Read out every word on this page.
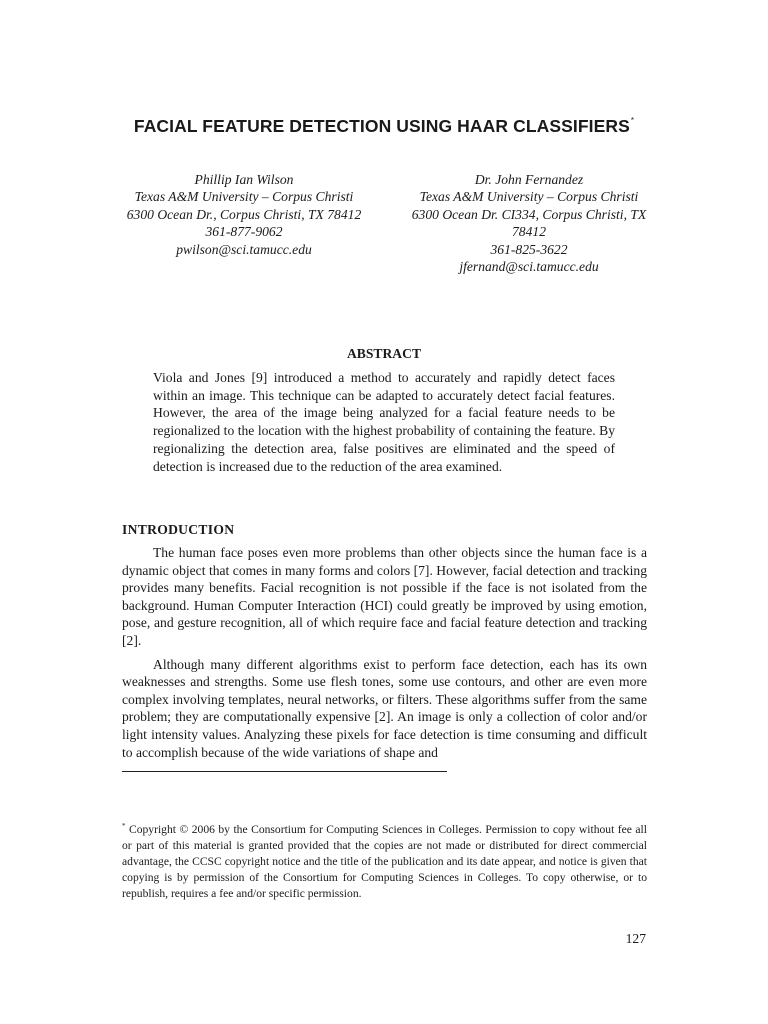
FACIAL FEATURE DETECTION USING HAAR CLASSIFIERS*
Phillip Ian Wilson
Texas A&M University – Corpus Christi
6300 Ocean Dr., Corpus Christi, TX 78412
361-877-9062
pwilson@sci.tamucc.edu
Dr. John Fernandez
Texas A&M University – Corpus Christi
6300 Ocean Dr. CI334, Corpus Christi, TX 78412
361-825-3622
jfernand@sci.tamucc.edu
ABSTRACT

Viola and Jones [9] introduced a method to accurately and rapidly detect faces within an image. This technique can be adapted to accurately detect facial features. However, the area of the image being analyzed for a facial feature needs to be regionalized to the location with the highest probability of containing the feature. By regionalizing the detection area, false positives are eliminated and the speed of detection is increased due to the reduction of the area examined.

INTRODUCTION

The human face poses even more problems than other objects since the human face is a dynamic object that comes in many forms and colors [7]. However, facial detection and tracking provides many benefits. Facial recognition is not possible if the face is not isolated from the background. Human Computer Interaction (HCI) could greatly be improved by using emotion, pose, and gesture recognition, all of which require face and facial feature detection and tracking [2].

Although many different algorithms exist to perform face detection, each has its own weaknesses and strengths. Some use flesh tones, some use contours, and other are even more complex involving templates, neural networks, or filters. These algorithms suffer from the same problem; they are computationally expensive [2]. An image is only a collection of color and/or light intensity values. Analyzing these pixels for face detection is time consuming and difficult to accomplish because of the wide variations of shape and

* Copyright © 2006 by the Consortium for Computing Sciences in Colleges. Permission to copy without fee all or part of this material is granted provided that the copies are not made or distributed for direct commercial advantage, the CCSC copyright notice and the title of the publication and its date appear, and notice is given that copying is by permission of the Consortium for Computing Sciences in Colleges. To copy otherwise, or to republish, requires a fee and/or specific permission.

127
